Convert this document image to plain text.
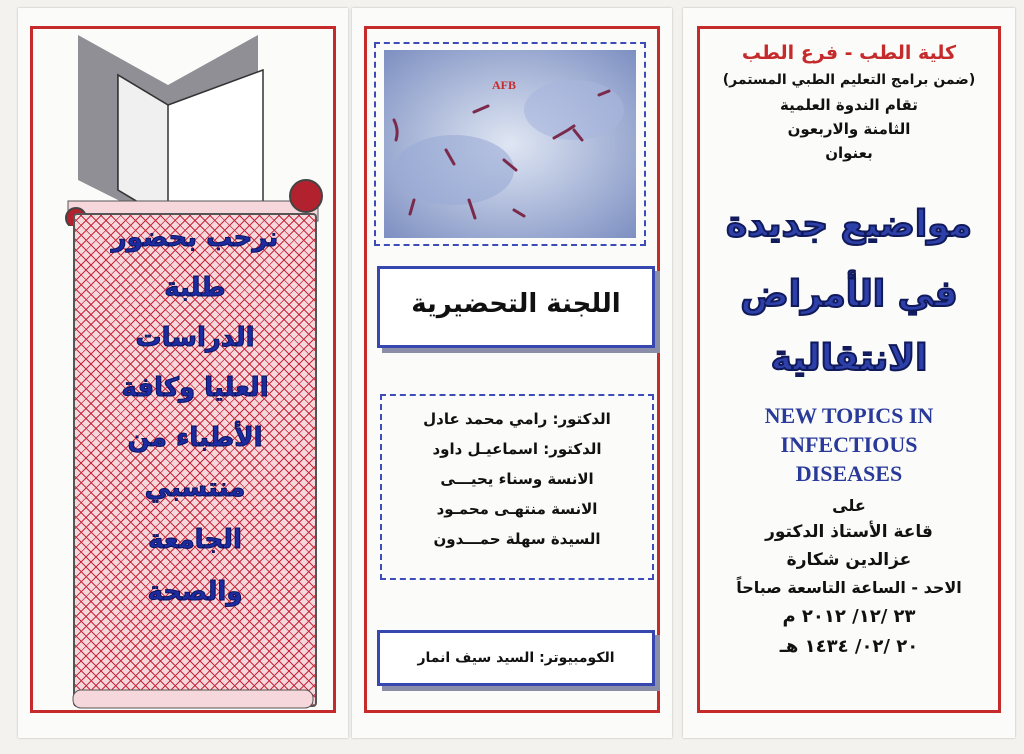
نرحب بحضور
طلبة
الدراسات
العليا وكافة
الأطباء من
منتسبي
الجامعة
والصحة
AFB
اللجنة التحضيرية
الدكتور: رامي محمد عادل
الدكتور: اسماعيـل داود
الانسة وسناء يحيـــى
الانسة منتهـى محمـود
السيدة سهلة حمـــدون
الكومبيوتر: السيد سيف انمار
كلية الطب - فرع الطب
(ضمن برامج التعليم الطبي المستمر)
تقام الندوة العلمية
الثامنة والاربعون
بعنوان
مواضيع جديدة
في الأمراض
الانتقالية
NEW TOPICS IN
INFECTIOUS
DISEASES
على
قاعة الأستاذ الدكتور
عزالدين شكارة
الاحد - الساعة التاسعة صباحاً
٢٣ /١٢/ ٢٠١٢ م
٢٠ /٠٢/ ١٤٣٤ هـ
